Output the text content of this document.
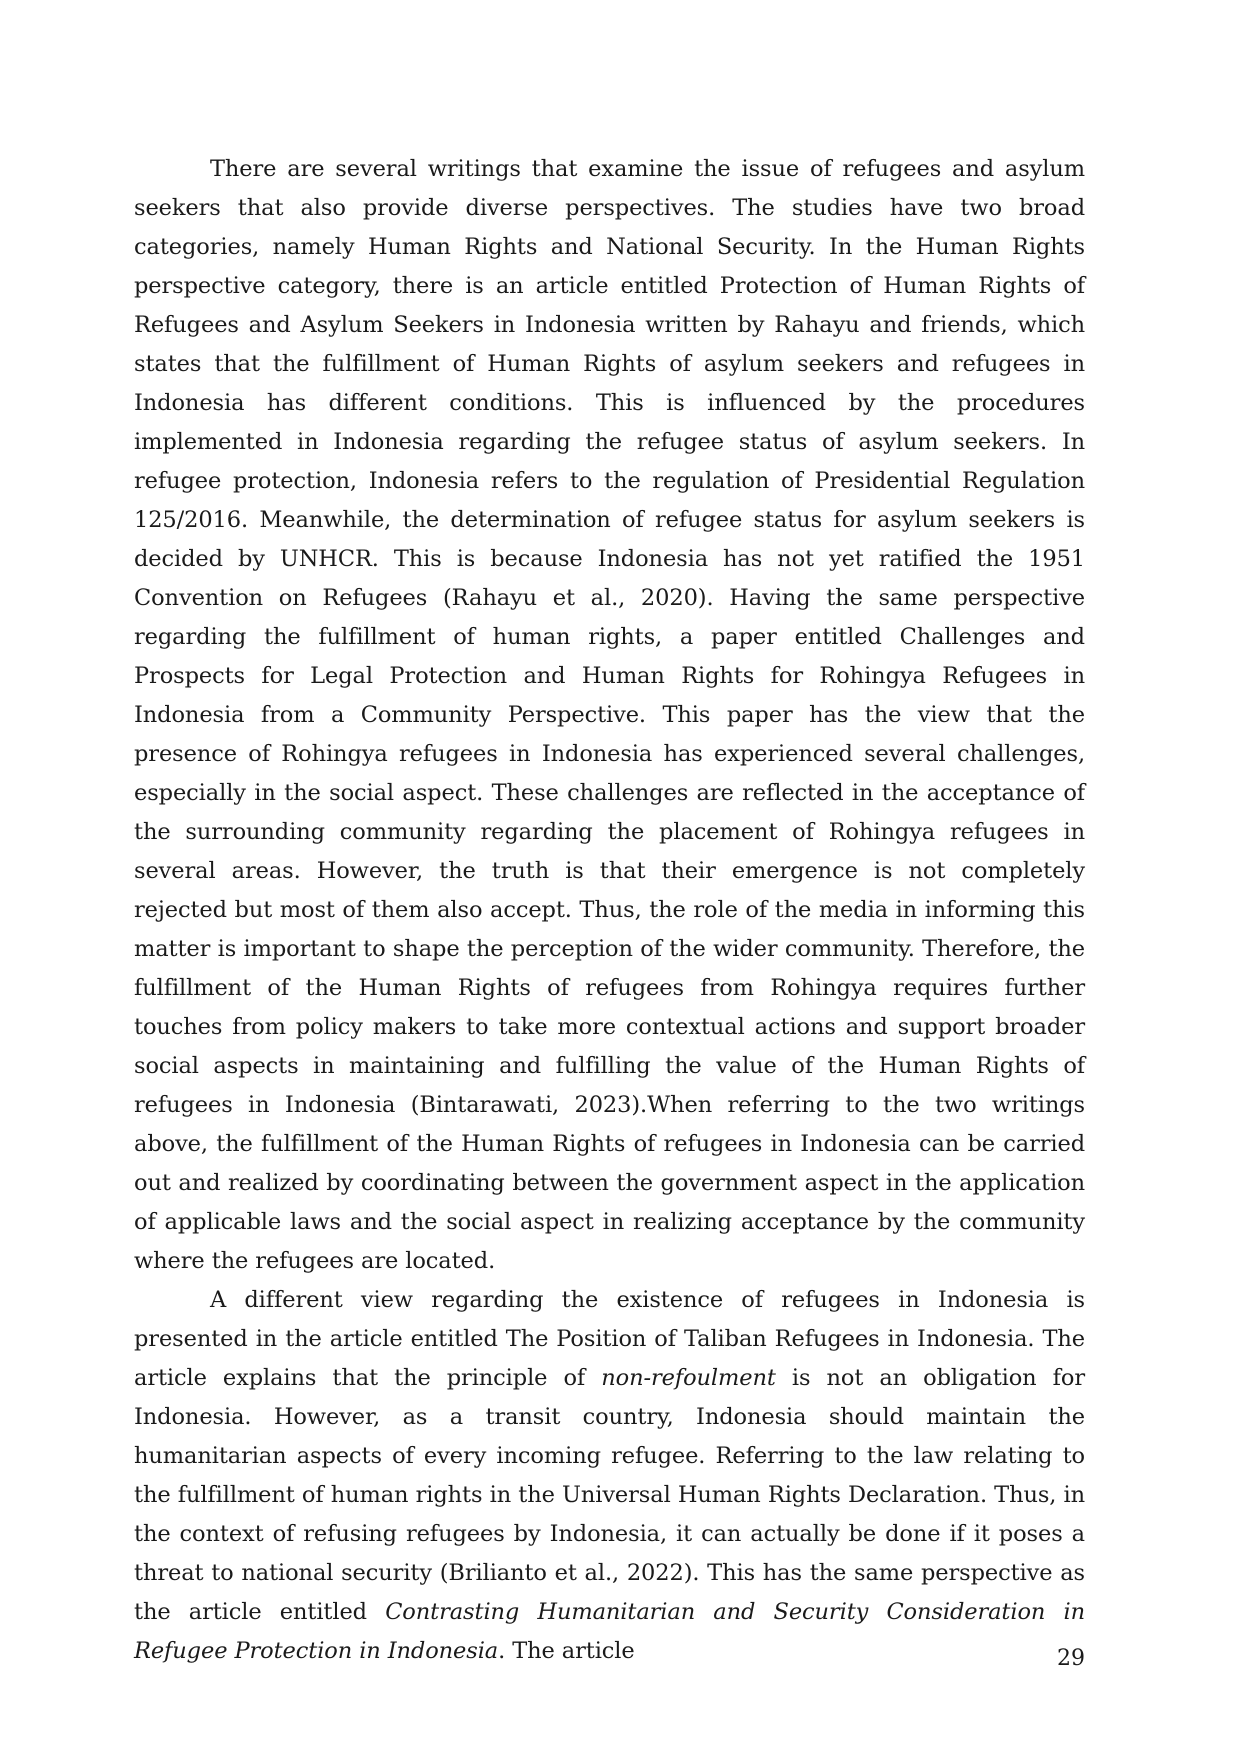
There are several writings that examine the issue of refugees and asylum seekers that also provide diverse perspectives. The studies have two broad categories, namely Human Rights and National Security. In the Human Rights perspective category, there is an article entitled Protection of Human Rights of Refugees and Asylum Seekers in Indonesia written by Rahayu and friends, which states that the fulfillment of Human Rights of asylum seekers and refugees in Indonesia has different conditions. This is influenced by the procedures implemented in Indonesia regarding the refugee status of asylum seekers. In refugee protection, Indonesia refers to the regulation of Presidential Regulation 125/2016. Meanwhile, the determination of refugee status for asylum seekers is decided by UNHCR. This is because Indonesia has not yet ratified the 1951 Convention on Refugees (Rahayu et al., 2020). Having the same perspective regarding the fulfillment of human rights, a paper entitled Challenges and Prospects for Legal Protection and Human Rights for Rohingya Refugees in Indonesia from a Community Perspective. This paper has the view that the presence of Rohingya refugees in Indonesia has experienced several challenges, especially in the social aspect. These challenges are reflected in the acceptance of the surrounding community regarding the placement of Rohingya refugees in several areas. However, the truth is that their emergence is not completely rejected but most of them also accept. Thus, the role of the media in informing this matter is important to shape the perception of the wider community. Therefore, the fulfillment of the Human Rights of refugees from Rohingya requires further touches from policy makers to take more contextual actions and support broader social aspects in maintaining and fulfilling the value of the Human Rights of refugees in Indonesia (Bintarawati, 2023).When referring to the two writings above, the fulfillment of the Human Rights of refugees in Indonesia can be carried out and realized by coordinating between the government aspect in the application of applicable laws and the social aspect in realizing acceptance by the community where the refugees are located.

A different view regarding the existence of refugees in Indonesia is presented in the article entitled The Position of Taliban Refugees in Indonesia. The article explains that the principle of non-refoulment is not an obligation for Indonesia. However, as a transit country, Indonesia should maintain the humanitarian aspects of every incoming refugee. Referring to the law relating to the fulfillment of human rights in the Universal Human Rights Declaration. Thus, in the context of refusing refugees by Indonesia, it can actually be done if it poses a threat to national security (Brilianto et al., 2022). This has the same perspective as the article entitled Contrasting Humanitarian and Security Consideration in Refugee Protection in Indonesia. The article	29
